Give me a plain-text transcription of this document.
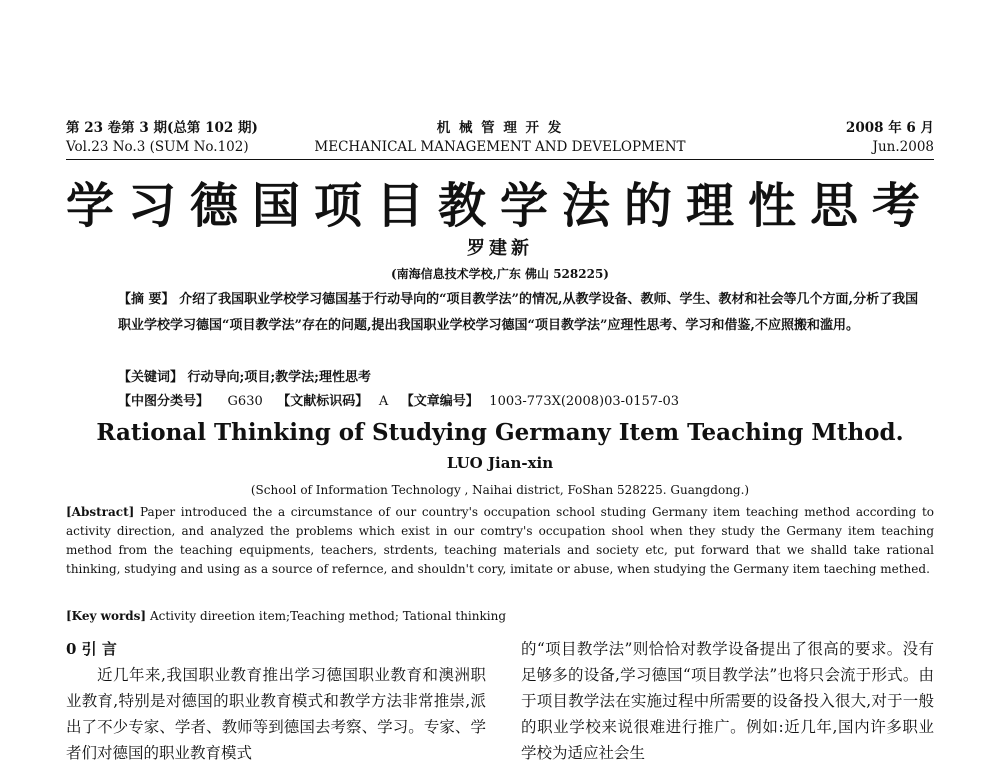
第 23 卷第 3 期(总第 102 期)
Vol.23 No.3 (SUM No.102)
机 械 管 理 开 发
MECHANICAL MANAGEMENT AND DEVELOPMENT
2008 年 6 月
Jun.2008
学习德国项目教学法的理性思考
罗建新
(南海信息技术学校,广东 佛山 528225)
【摘 要】 介绍了我国职业学校学习德国基于行动导向的“项目教学法”的情况,从教学设备、教师、学生、教材和社会等几个方面,分析了我国职业学校学习德国“项目教学法”存在的问题,提出我国职业学校学习德国“项目教学法”应理性思考、学习和借鉴,不应照搬和滥用。
【关键词】 行动导向;项目;教学法;理性思考
【中图分类号】 G630 【文献标识码】 A 【文章编号】 1003-773X(2008)03-0157-03
Rational Thinking of Studying Germany Item Teaching Mthod.
LUO Jian-xin
(School of Information Technology , Naihai district, FoShan 528225. Guangdong.)
[Abstract] Paper introduced the a circumstance of our country's occupation school studing Germany item teaching method according to activity direction, and analyzed the problems which exist in our comtry's occupation shool when they study the Germany item teaching method from the teaching equipments, teachers, strdents, teaching materials and society etc, put forward that we shalld take rational thinking, studying and using as a source of refernce, and shouldn't cory, imitate or abuse, when studying the Germany item taeching methed.
[Key words] Activity direetion item;Teaching method; Tational thinking
0 引 言

近几年来,我国职业教育推出学习德国职业教育和澳洲职业教育,特别是对德国的职业教育模式和教学方法非常推崇,派出了不少专家、学者、教师等到德国去考察、学习。专家、学者们对德国的职业教育模式

的“项目教学法”则恰恰对教学设备提出了很高的要求。没有足够多的设备,学习德国“项目教学法”也将只会流于形式。由于项目教学法在实施过程中所需要的设备投入很大,对于一般的职业学校来说很难进行推广。例如:近几年,国内许多职业学校为适应社会生
